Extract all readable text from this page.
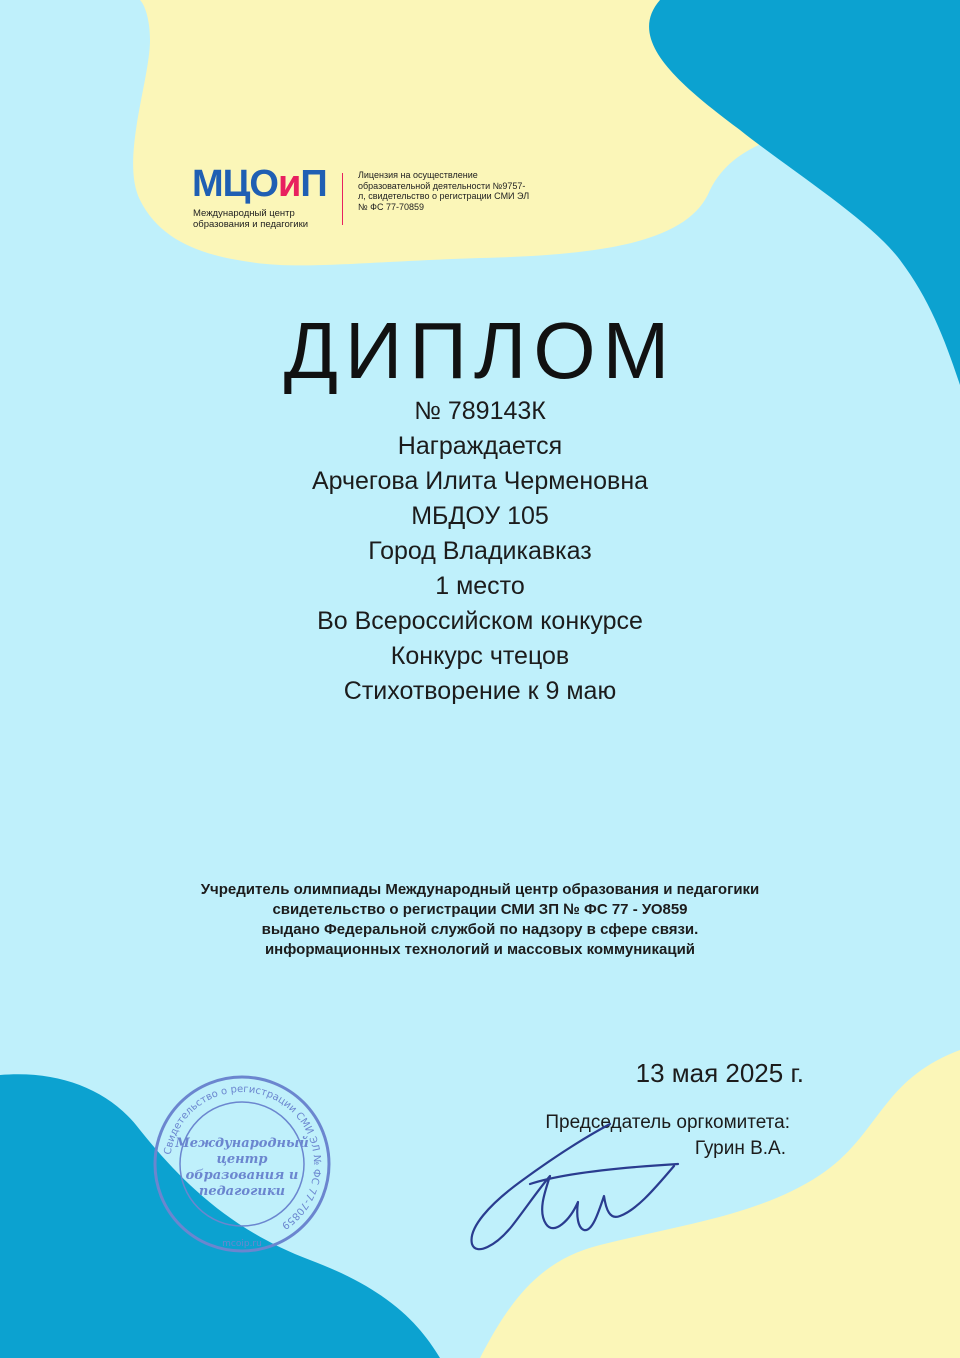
МЦОиП
Международный центр образования и педагогики
Лицензия на осуществление образовательной деятельности №9757-л, свидетельство о регистрации СМИ ЭЛ № ФС 77-70859
ДИПЛОМ
№ 789143К
Награждается
Арчегова Илита Черменовна
МБДОУ 105
Город Владикавказ
1 место
Во Всероссийском конкурсе
Конкурс чтецов
Стихотворение к 9 маю
Учредитель олимпиады Международный центр образования и педагогики
свидетельство о регистрации СМИ ЗП № ФС 77 - УО859
выдано Федеральной службой по надзору в сфере связи.
информационных технологий и массовых коммуникаций
13 мая 2025 г.
Председатель оргкомитета:
Гурин В.А.
Свидетельство о регистрации СМИ ЭЛ № ФС 77-70859
Международный
центр
образования и
педагогики
mcoip.ru
